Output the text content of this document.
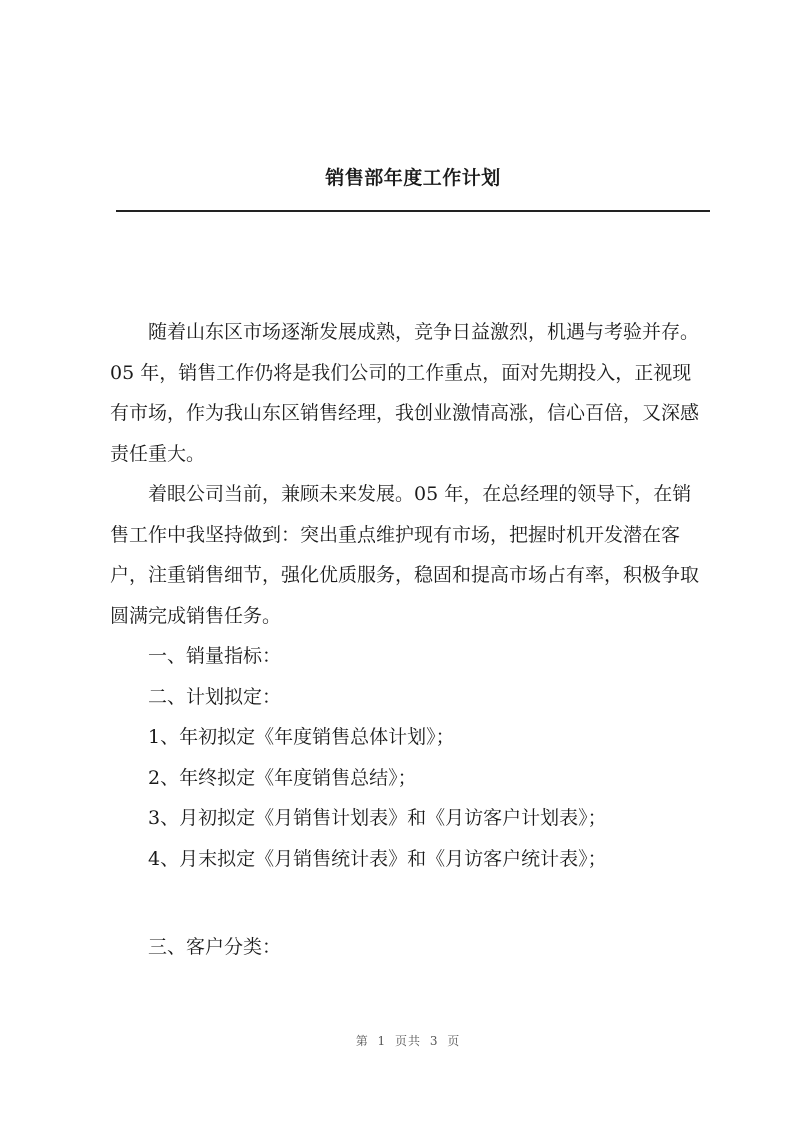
销售部年度工作计划

随着山东区市场逐渐发展成熟，竞争日益激烈，机遇与考验并存。05 年，销售工作仍将是我们公司的工作重点，面对先期投入，正视现有市场，作为我山东区销售经理，我创业激情高涨，信心百倍，又深感责任重大。

着眼公司当前，兼顾未来发展。05 年，在总经理的领导下，在销售工作中我坚持做到：突出重点维护现有市场，把握时机开发潜在客户，注重销售细节，强化优质服务，稳固和提高市场占有率，积极争取圆满完成销售任务。

一、销量指标：

二、计划拟定：

1、年初拟定《年度销售总体计划》；

2、年终拟定《年度销售总结》；

3、月初拟定《月销售计划表》和《月访客户计划表》；

4、月末拟定《月销售统计表》和《月访客户统计表》；

三、客户分类：

第 1 页共 3 页
